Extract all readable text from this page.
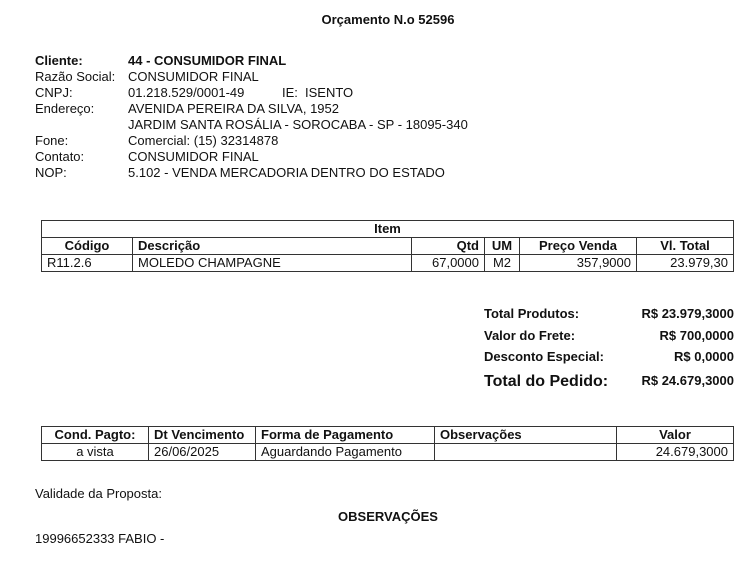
Orçamento N.o 52596
Cliente:	44 - CONSUMIDOR FINAL
Razão Social: CONSUMIDOR FINAL
CNPJ:	01.218.529/0001-49	IE: ISENTO
Endereço:	AVENIDA PEREIRA DA SILVA, 1952
JARDIM SANTA ROSÁLIA - SOROCABA - SP - 18095-340
Fone:	Comercial: (15) 32314878
Contato:	CONSUMIDOR FINAL
NOP:	5.102 - VENDA MERCADORIA DENTRO DO ESTADO
Item					
Código	Descrição	Qtd	UM	Preço Venda	Vl. Total
R11.2.6	MOLEDO CHAMPAGNE	67,0000	M2	357,9000	23.979,30
Total Produtos:	R$ 23.979,3000
Valor do Frete:	R$ 700,0000
Desconto Especial:	R$ 0,0000
Total do Pedido:	R$ 24.679,3000
Cond. Pagto:	Dt Vencimento	Forma de Pagamento	Observações	Valor
a vista	26/06/2025	Aguardando Pagamento		24.679,3000
Validade da Proposta:
OBSERVAÇÕES
19996652333 FABIO -
